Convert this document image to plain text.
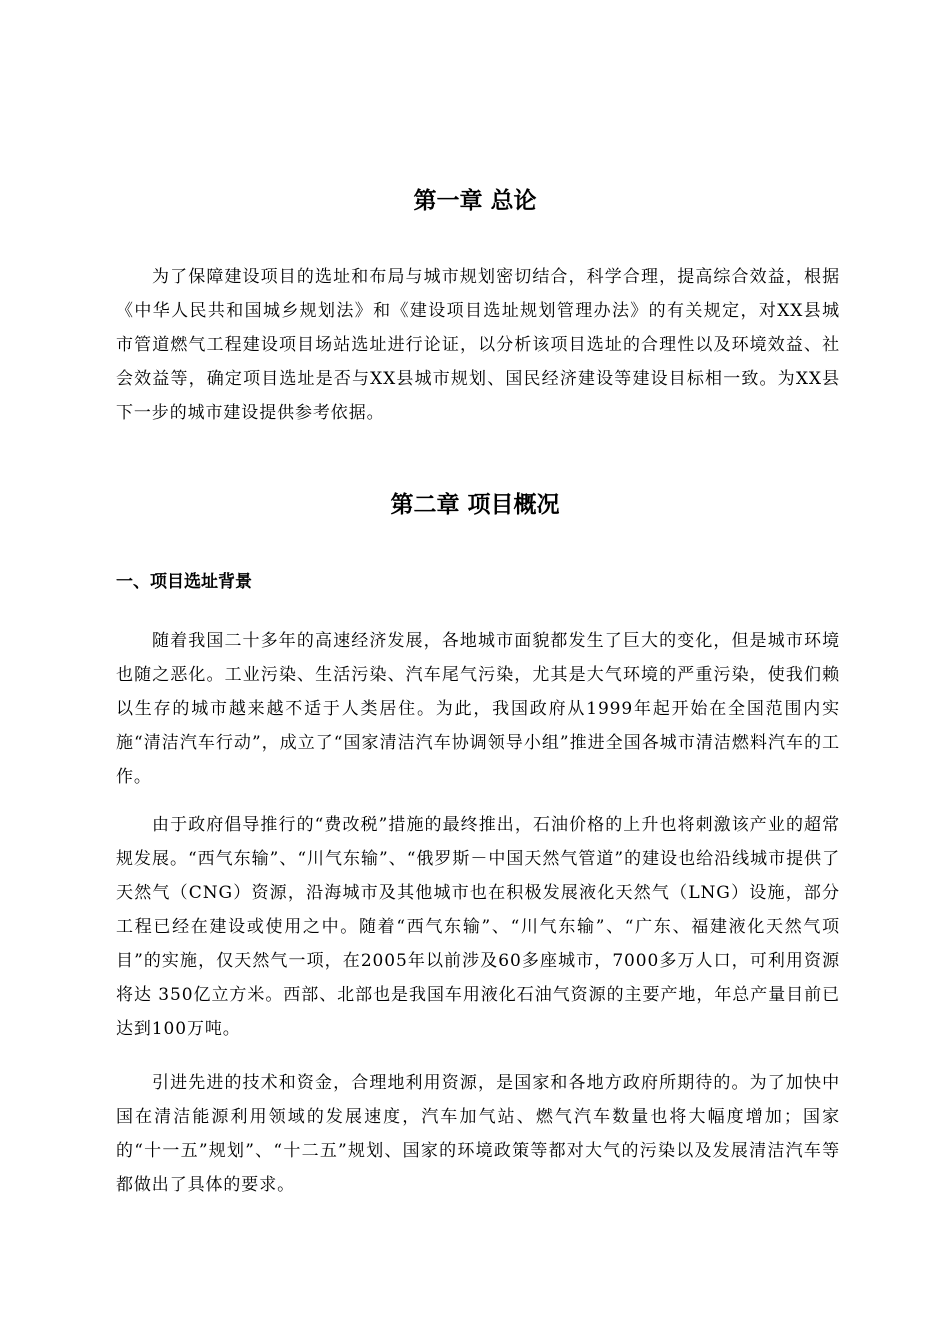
第一章 总论

为了保障建设项目的选址和布局与城市规划密切结合，科学合理，提高综合效益，根据《中华人民共和国城乡规划法》和《建设项目选址规划管理办法》的有关规定，对XX县城市管道燃气工程建设项目场站选址进行论证，以分析该项目选址的合理性以及环境效益、社会效益等，确定项目选址是否与XX县城市规划、国民经济建设等建设目标相一致。为XX县下一步的城市建设提供参考依据。

第二章 项目概况
一、项目选址背景

随着我国二十多年的高速经济发展，各地城市面貌都发生了巨大的变化，但是城市环境也随之恶化。工业污染、生活污染、汽车尾气污染，尤其是大气环境的严重污染，使我们赖以生存的城市越来越不适于人类居住。为此，我国政府从1999年起开始在全国范围内实施“清洁汽车行动”，成立了“国家清洁汽车协调领导小组”推进全国各城市清洁燃料汽车的工作。

由于政府倡导推行的“费改税”措施的最终推出，石油价格的上升也将刺激该产业的超常规发展。“西气东输”、“川气东输”、“俄罗斯－中国天然气管道”的建设也给沿线城市提供了天然气（CNG）资源，沿海城市及其他城市也在积极发展液化天然气（LNG）设施，部分工程已经在建设或使用之中。随着“西气东输”、“川气东输”、“广东、福建液化天然气项目”的实施，仅天然气一项，在2005年以前涉及60多座城市，7000多万人口，可利用资源将达 350亿立方米。西部、北部也是我国车用液化石油气资源的主要产地，年总产量目前已达到100万吨。

引进先进的技术和资金，合理地利用资源，是国家和各地方政府所期待的。为了加快中国在清洁能源利用领域的发展速度，汽车加气站、燃气汽车数量也将大幅度增加；国家的“十一五”规划”、“十二五”规划、国家的环境政策等都对大气的污染以及发展清洁汽车等都做出了具体的要求。
